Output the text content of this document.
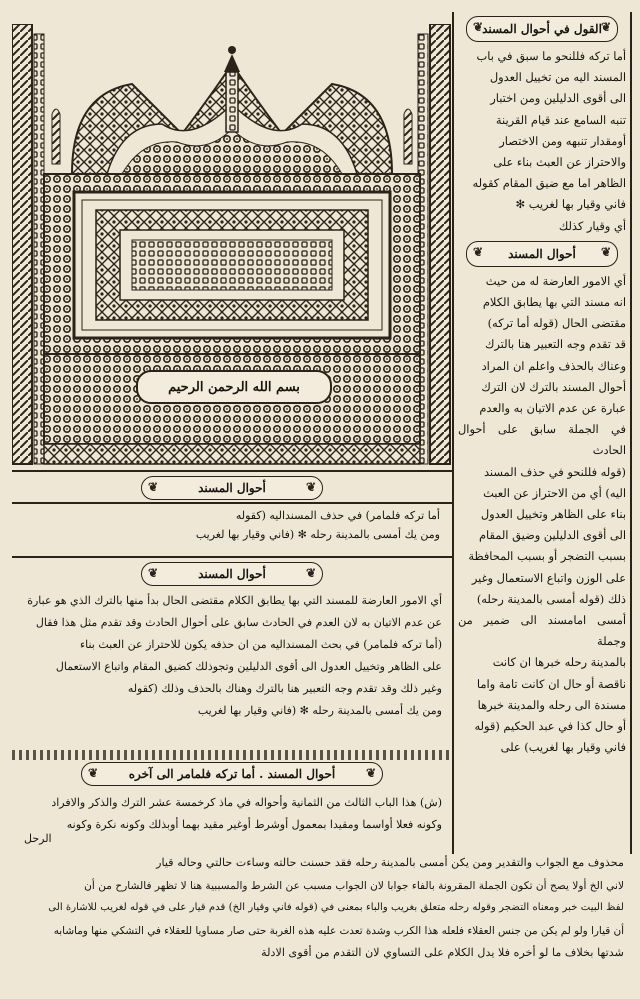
❦ القول في أحوال المسند
❦
أما تركه فللنحو ما سبق في باب
المسند اليه من تخييل العدول
الى أقوى الدليلين ومن اختبار
تنبه السامع عند قيام القرينة
أومقدار تنبهه ومن الاختصار
والاحتراز عن العبث بناء على
الظاهر اما مع ضيق المقام كقوله
فاني وقيار بها لغريب ✻
أي وقيار كذلك
❦ أحوال المسند
❦
أي الامور العارضة له من حيث
انه مسند التي بها يطابق الكلام
مقتضى الحال (قوله أما تركه)
قد تقدم وجه التعبير هنا بالترك
وعناك بالحذف واعلم ان المراد
أحوال المسند بالترك لان الترك
عبارة عن عدم الاتيان به والعدم
في الجملة سابق على أحوال الحادث
(قوله فللنحو في حذف المسند
اليه) أي من الاحتراز عن العبث
بناء على الظاهر وتخييل العدول
الى أقوى الدليلين وضيق المقام
بسبب التضجر أو بسبب المحافظة
على الوزن واتباع الاستعمال وغير
ذلك (قوله أمسى بالمدينة رحله)
أمسى امامسند الى ضمير من وجملة
بالمدينة رحله خبرها ان كانت
ناقصة أو حال ان كانت تامة واما
مسندة الى رحله والمدينة خبرها
أو حال كذا في عبد الحكيم (قوله
فاني وقيار بها لغريب) على
بسم الله الرحمن الرحيم
❦ أحوال المسند
❦
أما تركه فلمامر) في حذف المسنداليه (كقوله
ومن يك أمسى بالمدينة رحله ✻ (فاني وقيار بها لغريب
❦ أحوال المسند
❦
أي الامور العارضة للمسند التي بها يطابق الكلام مقتضى الحال بدأ منها بالترك الذي هو عبارة
عن عدم الاتيان به لان العدم في الحادث سابق على أحوال الحادث وقد تقدم مثل هذا فقال
(أما تركه فلمامر) في بحث المسنداليه من ان حذفه يكون للاحتراز عن العبث بناء
على الظاهر وتخييل العدول الى أقوى الدليلين وتجوذلك كضيق المقام واتباع الاستعمال
وغير ذلك وقد تقدم وجه التعبير هنا بالترك وهناك بالحذف وذلك (كقوله
ومن يك أمسى بالمدينة رحله ✻ (فاني وقيار بها لغريب
❦ أحوال المسند . أما تركه فلمامر الى آخره
❦
(ش) هذا الباب الثالث من الثمانية وأحواله في ماذ كرخمسة عشر الترك والذكر والافراد
وكونه فعلا أواسما ومقيدا بمعمول أوشرط أوغير مقيد بهما أوبذلك وكونه نكرة وكونه
الرحل
محذوف مع الجواب والتقدير ومن يكن أمسى بالمدينة رحله فقد حسنت حالته وساءت حالتي وحاله قيار
لاني الخ أولا يصح أن تكون الجملة المقرونة بالفاء جوابا لان الجواب مسبب عن الشرط والمسببية هنا لا تظهر فالشارح من أن
لفظ البيت خبر ومعناه التضجر وقوله رحله متعلق بغريب والباء بمعنى في (قوله فاني وقيار الخ) قدم قيار على في قوله لغريب للاشارة الى
أن قيارا ولو لم يكن من جنس العقلاء فلعله هذا الكرب وشدة تعدت عليه هذه الغربة حتى صار مساويا للعقلاء في التشكي منها وماشابه
شدتها بخلاف ما لو أخره فلا يدل الكلام على التساوي لان التقدم من أقوى الادلة
